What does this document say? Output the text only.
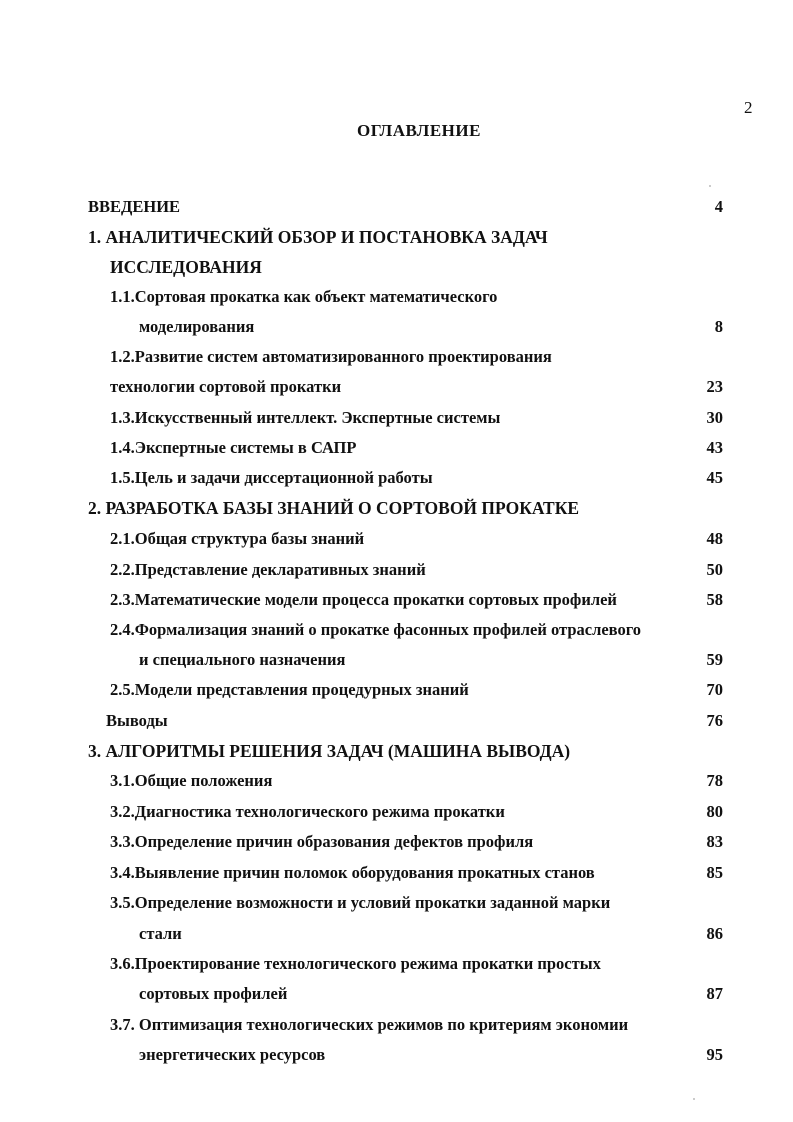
2
ОГЛАВЛЕНИЕ
ВВЕДЕНИЕ	4
1. АНАЛИТИЧЕСКИЙ ОБЗОР И ПОСТАНОВКА ЗАДАЧ
ИССЛЕДОВАНИЯ
1.1.Сортовая прокатка как объект математического
моделирования	8
1.2.Развитие систем автоматизированного проектирования
технологии сортовой прокатки	23
1.3.Искусственный интеллект. Экспертные системы	30
1.4.Экспертные системы в САПР	43
1.5.Цель и задачи диссертационной работы	45
2. РАЗРАБОТКА БАЗЫ ЗНАНИЙ О СОРТОВОЙ ПРОКАТКЕ
2.1.Общая структура базы знаний	48
2.2.Представление декларативных знаний	50
2.3.Математические модели процесса прокатки сортовых профилей	58
2.4.Формализация знаний о прокатке фасонных профилей отраслевого
и специального назначения	59
2.5.Модели представления процедурных знаний	70
Выводы	76
3. АЛГОРИТМЫ РЕШЕНИЯ ЗАДАЧ (МАШИНА ВЫВОДА)
3.1.Общие положения	78
3.2.Диагностика технологического режима прокатки	80
3.3.Определение причин образования дефектов профиля	83
3.4.Выявление причин поломок оборудования прокатных станов	85
3.5.Определение возможности и условий прокатки заданной марки
стали	86
3.6.Проектирование технологического режима прокатки простых
сортовых профилей	87
3.7. Оптимизация технологических режимов по критериям экономии
энергетических ресурсов	95
